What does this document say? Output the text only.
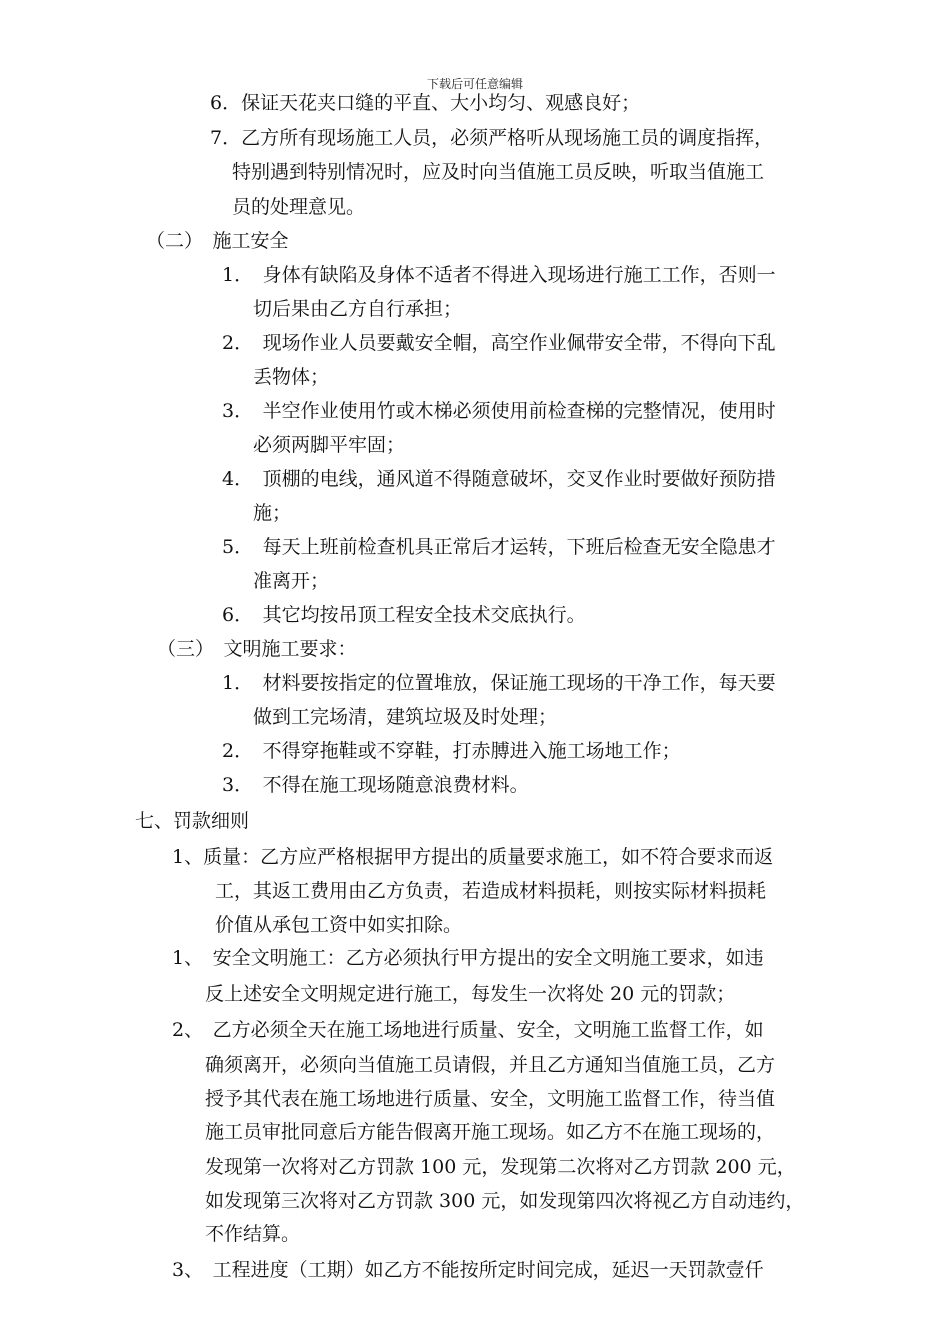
下载后可任意编辑
6．保证天花夹口缝的平直、大小均匀、观感良好；
7．乙方所有现场施工人员，必须严格听从现场施工员的调度指挥，
特别遇到特别情况时，应及时向当值施工员反映，听取当值施工
员的处理意见。
（二）　施工安全
1．　身体有缺陷及身体不适者不得进入现场进行施工工作，否则一
切后果由乙方自行承担；
2．　现场作业人员要戴安全帽，高空作业佩带安全带，不得向下乱
丢物体；
3．　半空作业使用竹或木梯必须使用前检查梯的完整情况，使用时
必须两脚平牢固；
4．　顶棚的电线，通风道不得随意破坏，交叉作业时要做好预防措
施；
5．　每天上班前检查机具正常后才运转，下班后检查无安全隐患才
准离开；
6．　其它均按吊顶工程安全技术交底执行。
（三）　文明施工要求：
1．　材料要按指定的位置堆放，保证施工现场的干净工作，每天要
做到工完场清，建筑垃圾及时处理；
2．　不得穿拖鞋或不穿鞋，打赤膊进入施工场地工作；
3．　不得在施工现场随意浪费材料。
七、罚款细则
1、质量：乙方应严格根据甲方提出的质量要求施工，如不符合要求而返
工，其返工费用由乙方负责，若造成材料损耗，则按实际材料损耗
价值从承包工资中如实扣除。
1、　安全文明施工：乙方必须执行甲方提出的安全文明施工要求，如违
反上述安全文明规定进行施工，每发生一次将处 20 元的罚款；
2、　乙方必须全天在施工场地进行质量、安全，文明施工监督工作，如
确须离开，必须向当值施工员请假，并且乙方通知当值施工员，乙方
授予其代表在施工场地进行质量、安全，文明施工监督工作，待当值
施工员审批同意后方能告假离开施工现场。如乙方不在施工现场的，
发现第一次将对乙方罚款 100 元，发现第二次将对乙方罚款 200 元，
如发现第三次将对乙方罚款 300 元，如发现第四次将视乙方自动违约，
不作结算。
3、　工程进度（工期）如乙方不能按所定时间完成，延迟一天罚款壹仟
